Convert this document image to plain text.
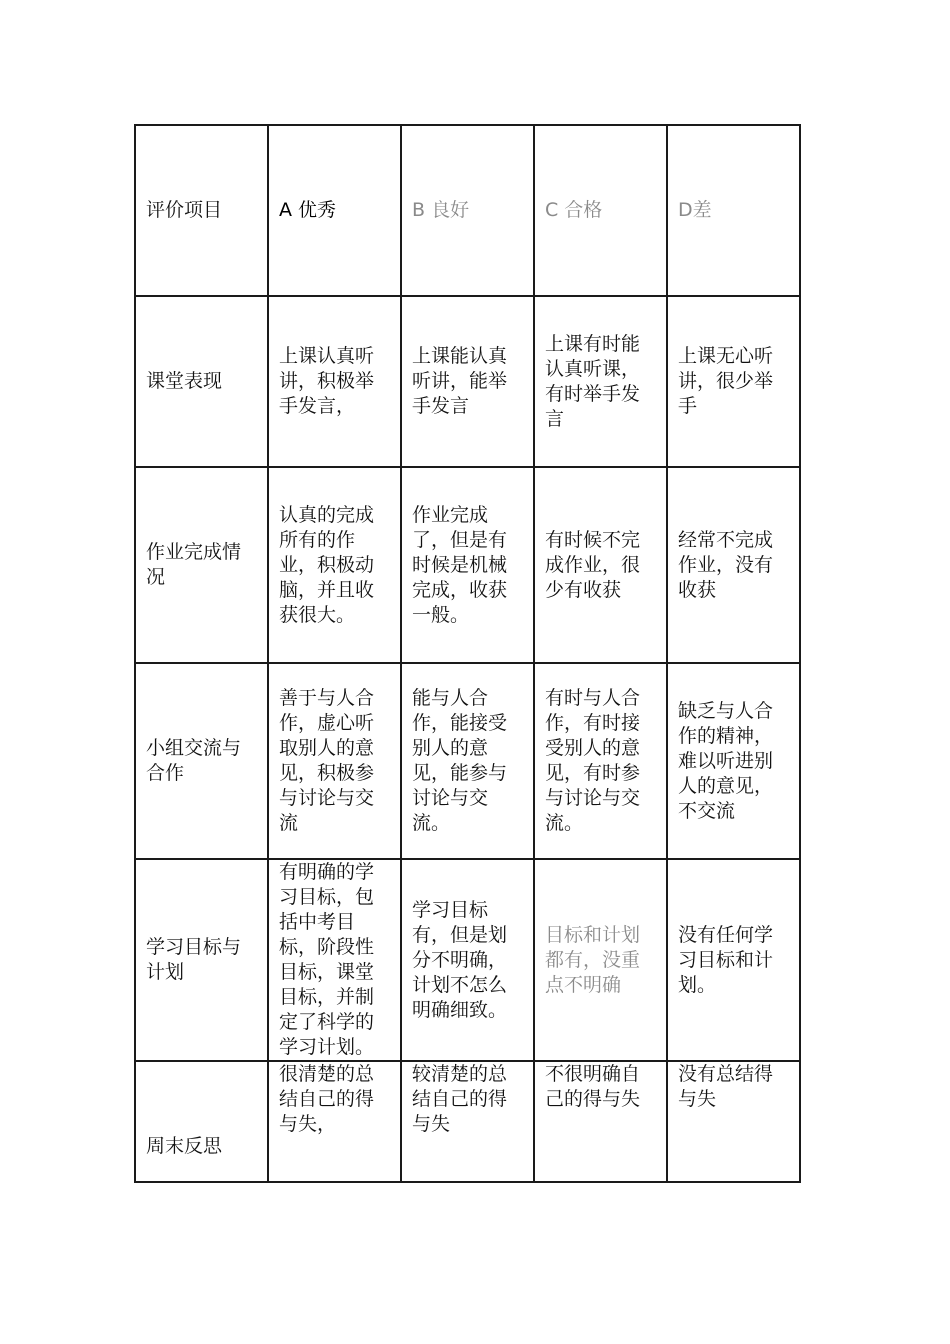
评价项目	A 优秀	B 良好	C 合格	D差
课堂表现	上课认真听讲，积极举手发言，	上课能认真听讲，能举手发言	上课有时能认真听课，有时举手发言	上课无心听讲，很少举手
作业完成情况	认真的完成所有的作业，积极动脑，并且收获很大。	作业完成了，但是有时候是机械完成，收获一般。	有时候不完成作业，很少有收获	经常不完成作业，没有收获
小组交流与合作	善于与人合作，虚心听取别人的意见，积极参与讨论与交流	能与人合作，能接受别人的意见，能参与讨论与交流。	有时与人合作，有时接受别人的意见，有时参与讨论与交流。	缺乏与人合作的精神，难以听进别人的意见，不交流
学习目标与计划	有明确的学习目标，包括中考目标，阶段性目标，课堂目标，并制定了科学的学习计划。	学习目标有，但是划分不明确，计划不怎么明确细致。	目标和计划都有，没重点不明确	没有任何学习目标和计划。
周末反思	很清楚的总结自己的得与失，	较清楚的总结自己的得与失	不很明确自己的得与失	没有总结得与失
